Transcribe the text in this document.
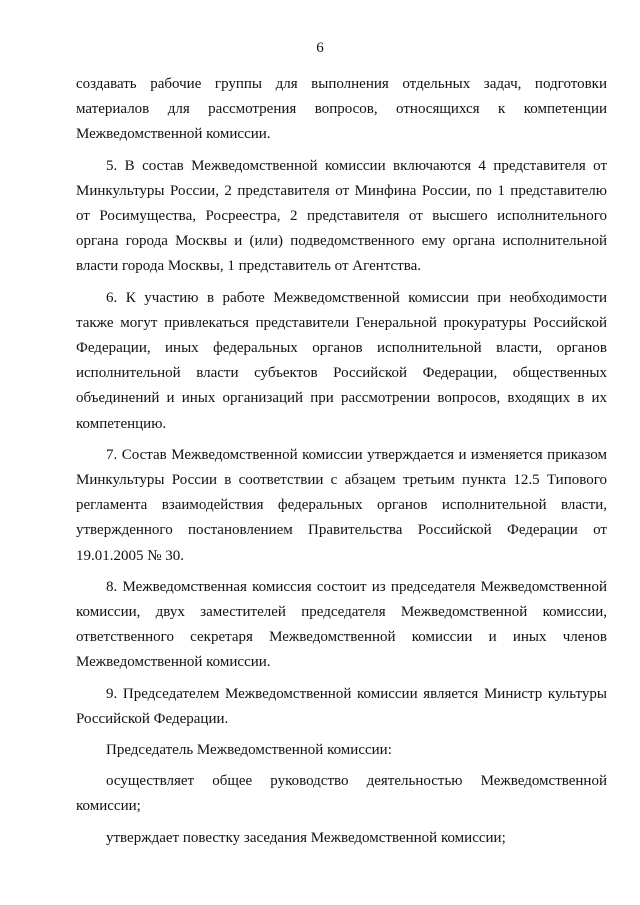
6

создавать рабочие группы для выполнения отдельных задач, подготовки материалов для рассмотрения вопросов, относящихся к компетенции Межведомственной комиссии.

5. В состав Межведомственной комиссии включаются 4 представителя от Минкультуры России, 2 представителя от Минфина России, по 1 представителю от Росимущества, Росреестра, 2 представителя от высшего исполнительного органа города Москвы и (или) подведомственного ему органа исполнительной власти города Москвы, 1 представитель от Агентства.

6. К участию в работе Межведомственной комиссии при необходимости также могут привлекаться представители Генеральной прокуратуры Российской Федерации, иных федеральных органов исполнительной власти, органов исполнительной власти субъектов Российской Федерации, общественных объединений и иных организаций при рассмотрении вопросов, входящих в их компетенцию.

7. Состав Межведомственной комиссии утверждается и изменяется приказом Минкультуры России в соответствии с абзацем третьим пункта 12.5 Типового регламента взаимодействия федеральных органов исполнительной власти, утвержденного постановлением Правительства Российской Федерации от 19.01.2005 № 30.

8. Межведомственная комиссия состоит из председателя Межведомственной комиссии, двух заместителей председателя Межведомственной комиссии, ответственного секретаря Межведомственной комиссии и иных членов Межведомственной комиссии.

9. Председателем Межведомственной комиссии является Министр культуры Российской Федерации.

Председатель Межведомственной комиссии:

осуществляет общее руководство деятельностью Межведомственной комиссии;

утверждает повестку заседания Межведомственной комиссии;
